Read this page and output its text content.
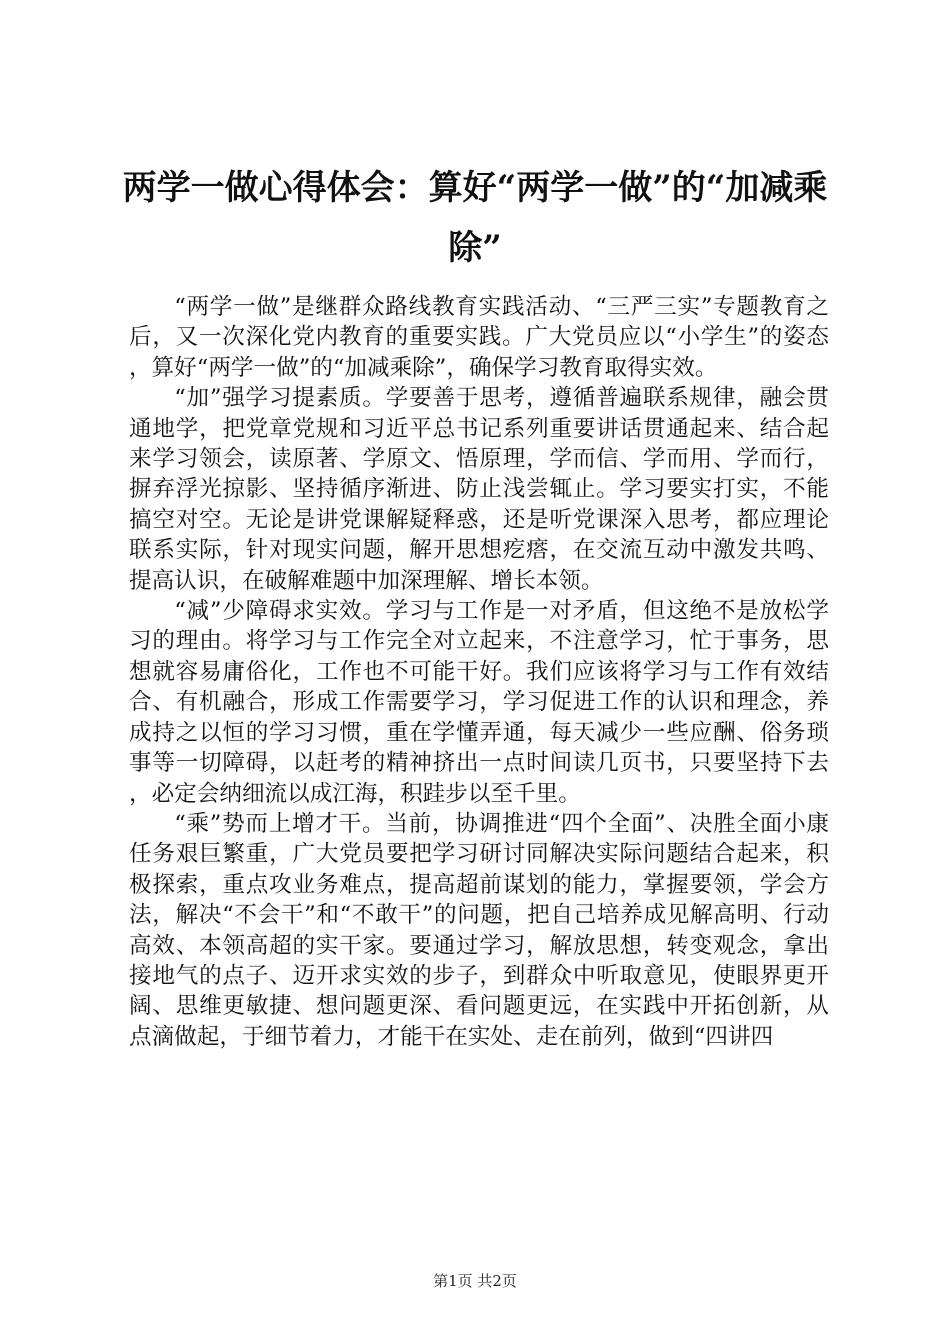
两学一做心得体会：算好“两学一做”的“加减乘除”

“两学一做”是继群众路线教育实践活动、“三严三实”专题教育之后，又一次深化党内教育的重要实践。广大党员应以“小学生”的姿态，算好“两学一做”的“加减乘除”，确保学习教育取得实效。

“加”强学习提素质。学要善于思考，遵循普遍联系规律，融会贯通地学，把党章党规和习近平总书记系列重要讲话贯通起来、结合起来学习领会，读原著、学原文、悟原理，学而信、学而用、学而行，摒弃浮光掠影、坚持循序渐进、防止浅尝辄止。学习要实打实，不能搞空对空。无论是讲党课解疑释惑，还是听党课深入思考，都应理论联系实际，针对现实问题，解开思想疙瘩，在交流互动中激发共鸣、提高认识，在破解难题中加深理解、增长本领。

“减”少障碍求实效。学习与工作是一对矛盾，但这绝不是放松学习的理由。将学习与工作完全对立起来，不注意学习，忙于事务，思想就容易庸俗化，工作也不可能干好。我们应该将学习与工作有效结合、有机融合，形成工作需要学习，学习促进工作的认识和理念，养成持之以恒的学习习惯，重在学懂弄通，每天减少一些应酬、俗务琐事等一切障碍，以赶考的精神挤出一点时间读几页书，只要坚持下去，必定会纳细流以成江海，积跬步以至千里。

“乘”势而上增才干。当前，协调推进“四个全面”、决胜全面小康任务艰巨繁重，广大党员要把学习研讨同解决实际问题结合起来，积极探索，重点攻业务难点，提高超前谋划的能力，掌握要领，学会方法，解决“不会干”和“不敢干”的问题，把自己培养成见解高明、行动高效、本领高超的实干家。要通过学习，解放思想，转变观念，拿出接地气的点子、迈开求实效的步子，到群众中听取意见，使眼界更开阔、思维更敏捷、想问题更深、看问题更远，在实践中开拓创新，从点滴做起，于细节着力，才能干在实处、走在前列，做到“四讲四

第1页 共2页
